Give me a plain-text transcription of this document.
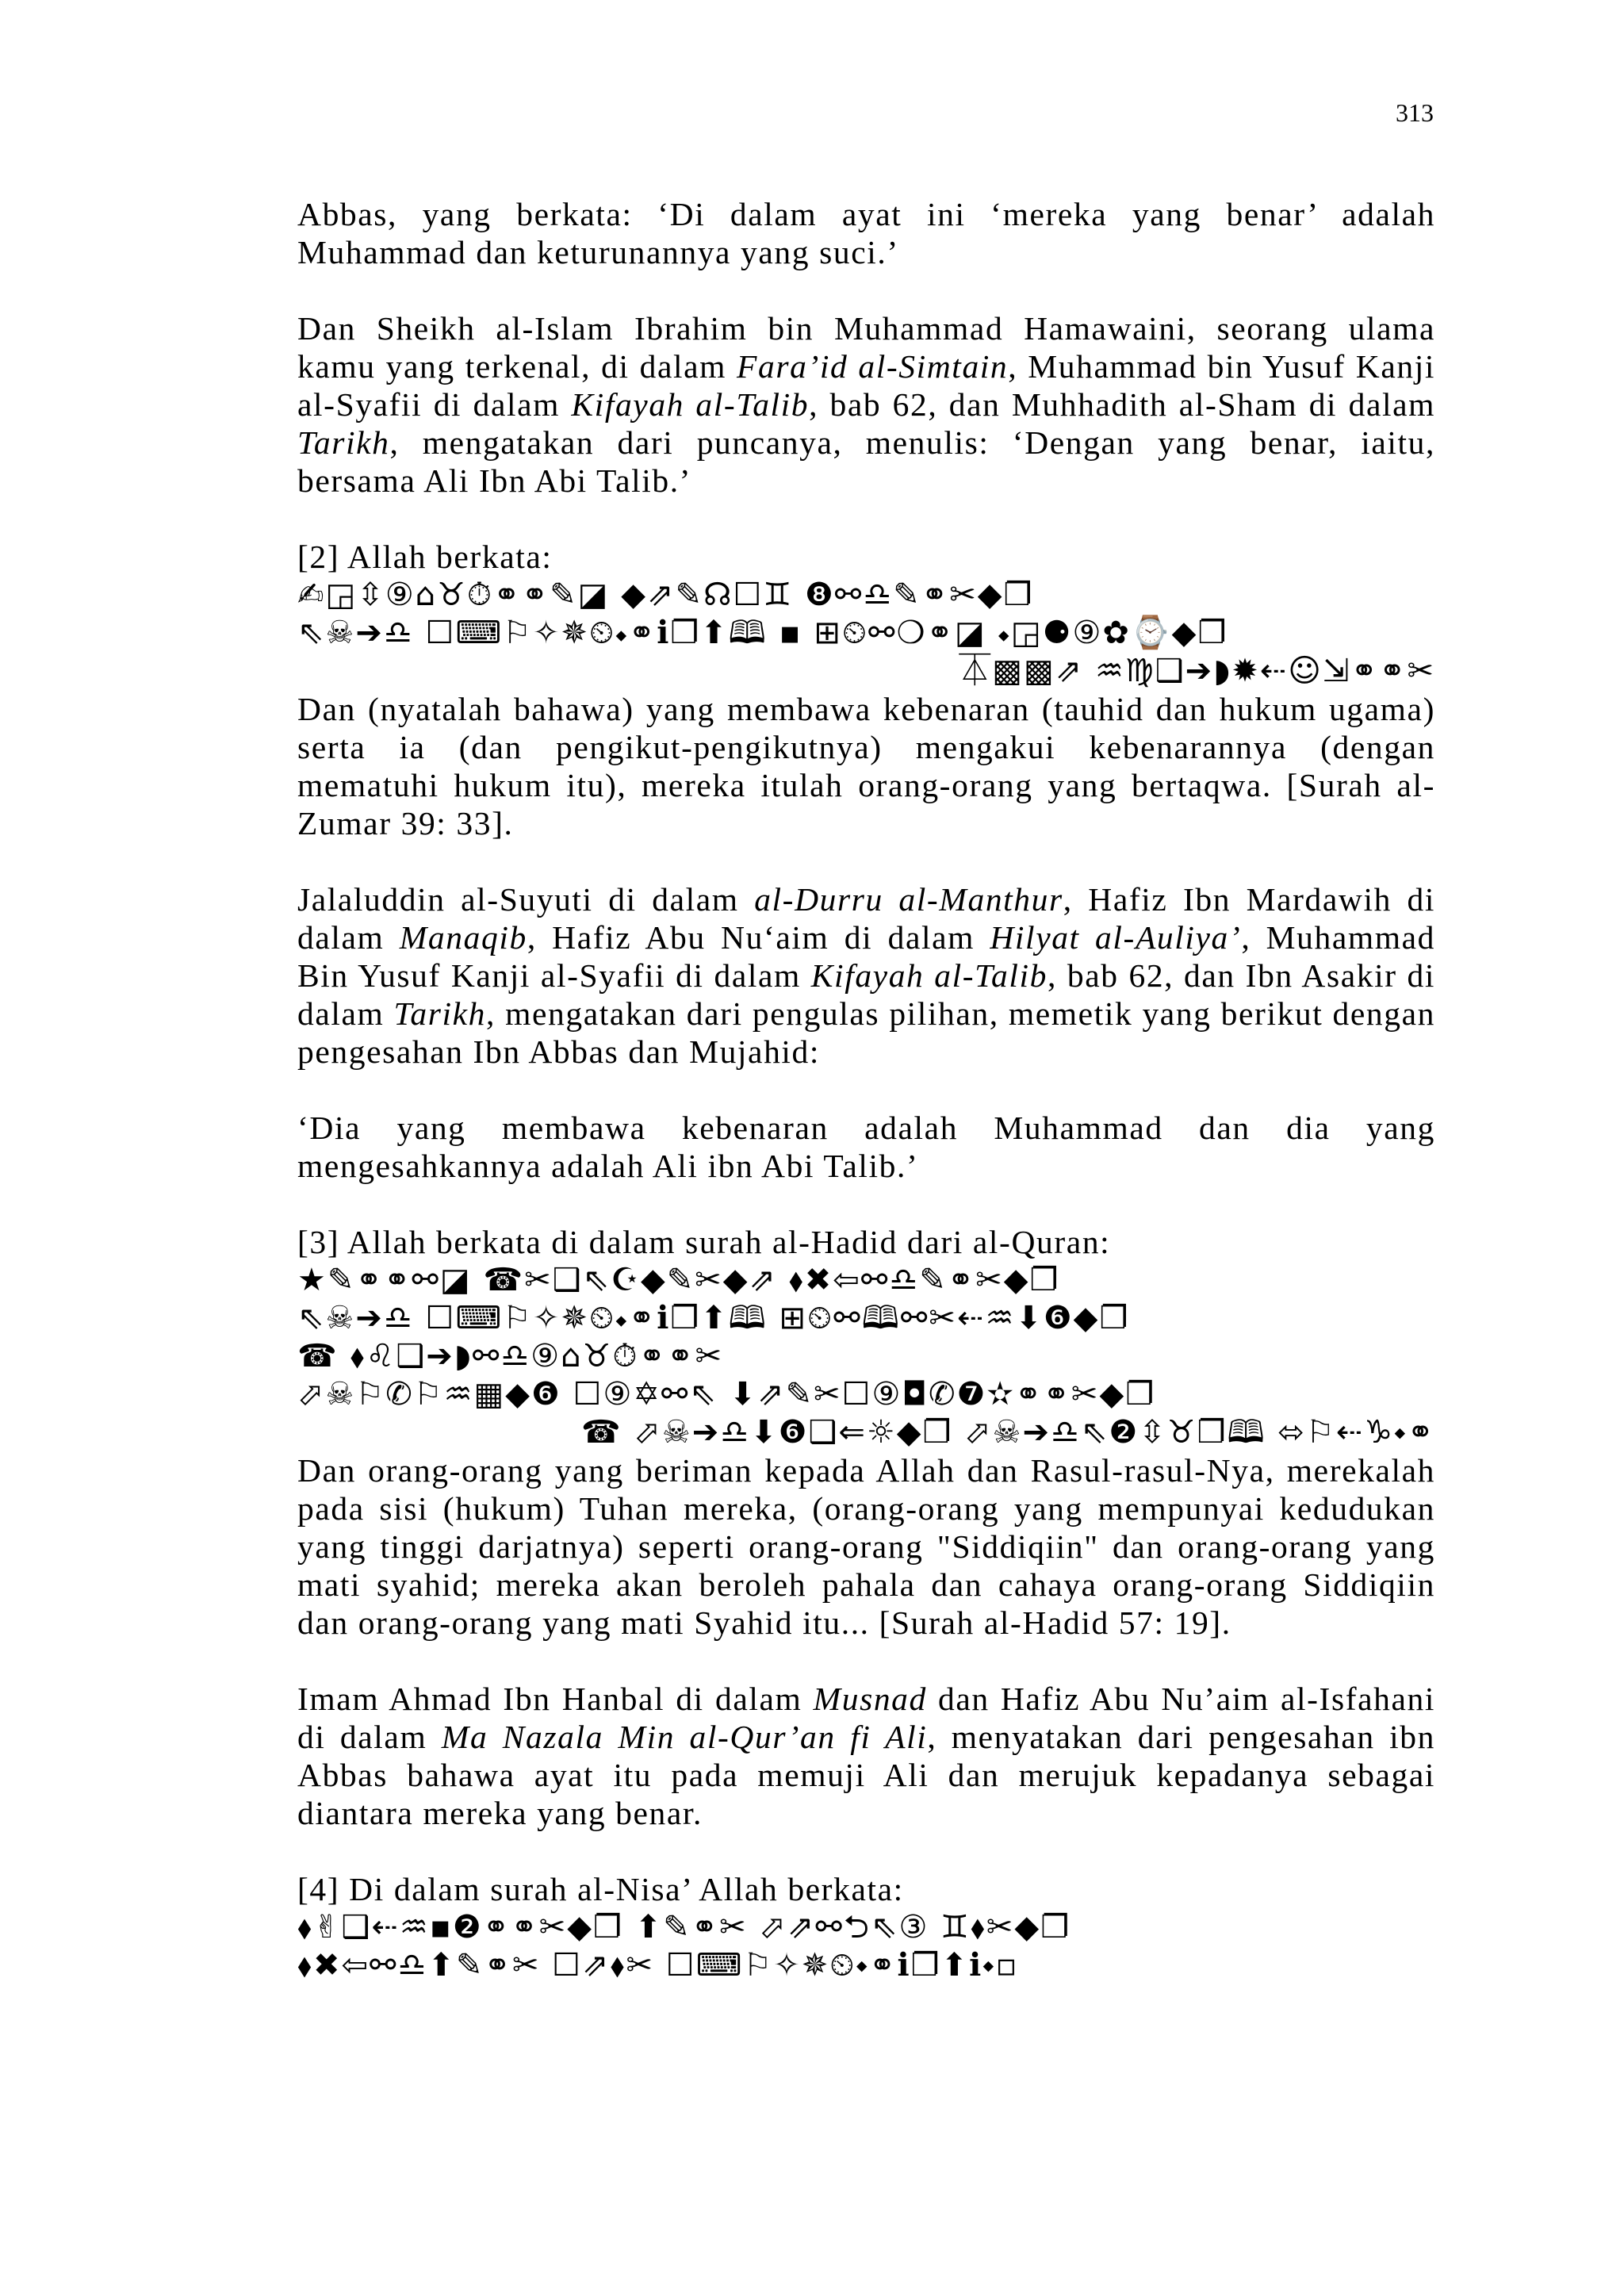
313

Abbas, yang berkata: ‘Di dalam ayat ini ‘mereka yang benar’ adalah Muhammad dan keturunannya yang suci.’

Dan Sheikh al-Islam Ibrahim bin Muhammad Hamawaini, seorang ulama kamu yang terkenal, di dalam Fara’id al-Simtain, Muhammad bin Yusuf Kanji al-Syafii di dalam Kifayah al-Talib, bab 62, dan Muhhadith al-Sham di dalam Tarikh, mengatakan dari puncanya, menulis: ‘Dengan yang benar, iaitu, bersama Ali Ibn Abi Talib.’

[2] Allah berkata:

✍◲⇳⑨⌂♉⏱⚭⚭✎◪ ◆⇗✎☊☐♊ ❽⚯♎✎⚭✂◆❐
⇖☠➔♎ ☐⌨⚐✧✵⏲⬩⚭ℹ❐⬆🕮 ▪ ⊞⏲⚯❍⚭◪ ⬩◲⚈⑨✿⌚◆❐
⏄▩▩⇗ ♒♍❑➔◗✹⇠☺⇲⚭⚭✂

Dan (nyatalah bahawa) yang membawa kebenaran (tauhid dan hukum ugama) serta ia (dan pengikut-pengikutnya) mengakui kebenarannya (dengan mematuhi hukum itu), mereka itulah orang-orang yang bertaqwa. [Surah al-Zumar 39: 33].

Jalaluddin al-Suyuti di dalam al-Durru al-Manthur, Hafiz Ibn Mardawih di dalam Manaqib, Hafiz Abu Nu‘aim di dalam Hilyat al-Auliya’, Muhammad Bin Yusuf Kanji al-Syafii di dalam Kifayah al-Talib, bab 62, dan Ibn Asakir di dalam Tarikh, mengatakan dari pengulas pilihan, memetik yang berikut dengan pengesahan Ibn Abbas dan Mujahid:

‘Dia yang membawa kebenaran adalah Muhammad dan dia yang mengesahkannya adalah Ali ibn Abi Talib.’

[3] Allah berkata di dalam surah al-Hadid dari al-Quran:

★✎⚭⚭⚯◪ ☎✂❑⇖☪◆✎✂◆⇗ ⬧✖⇦⚯♎✎⚭✂◆❐
⇖☠➔♎ ☐⌨⚐✧✵⏲⬩⚭ℹ❐⬆🕮 ⊞⏲⚯🕮⚯✂⇠♒⬇❻◆❐
☎ ⬧♌❑➔◗⚯♎⑨⌂♉⏱⚭⚭✂
⬀☠⚐✆⚐♒▦◆❻ ☐⑨✡⚯⇖ ⬇⇗✎✂☐⑨◘✆❼✫⚭⚭✂◆❐
☎ ⬀☠➔♎⬇❻❑⇐☼◆❐ ⬀☠➔♎⇖❷⇳♉❐🕮 ⬄⚐⇠♑⬩⚭

Dan orang-orang yang beriman kepada Allah dan Rasul-rasul-Nya, merekalah pada sisi (hukum) Tuhan mereka, (orang-orang yang mempunyai kedudukan yang tinggi darjatnya) seperti orang-orang "Siddiqiin" dan orang-orang yang mati syahid; mereka akan beroleh pahala dan cahaya orang-orang Siddiqiin dan orang-orang yang mati Syahid itu... [Surah al-Hadid 57: 19].

Imam Ahmad Ibn Hanbal di dalam Musnad dan Hafiz Abu Nu’aim al-Isfahani di dalam Ma Nazala Min al-Qur’an fi Ali, menyatakan dari pengesahan ibn Abbas bahawa ayat itu pada memuji Ali dan merujuk kepadanya sebagai diantara mereka yang benar.

[4] Di dalam surah al-Nisa’ Allah berkata:

⬧✌❑⇠♒▪❷⚭⚭✂◆❐ ⬆✎⚭✂ ⬀⇗⚯⮌⇖③ ♊⬧✂◆❐
⬧✖⇦⚯♎⬆✎⚭✂ ☐⇗⬧✂ ☐⌨⚐✧✵⏲⬩⚭ℹ❐⬆ℹ⬩▫
